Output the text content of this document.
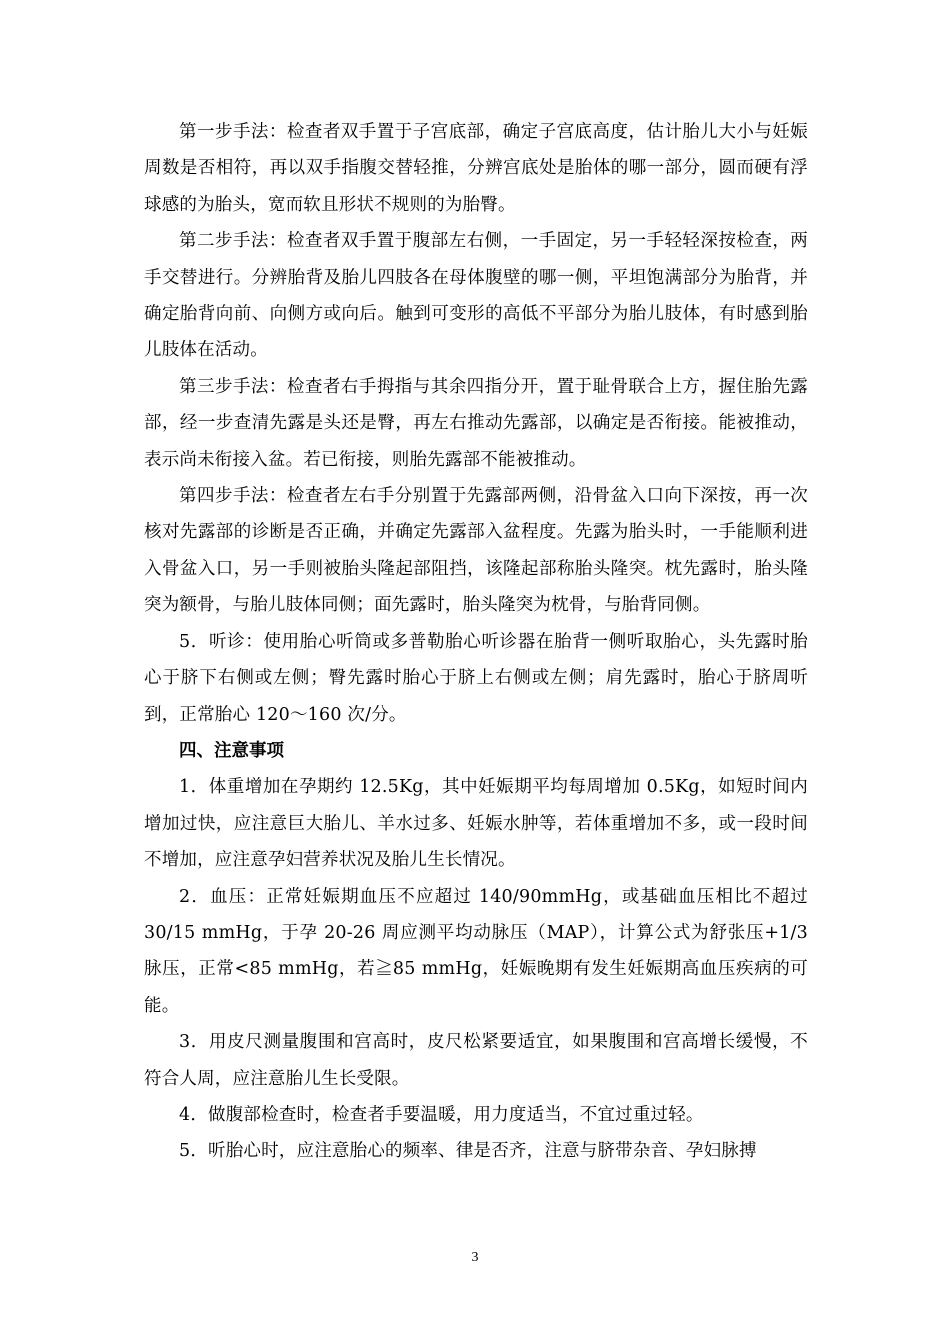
第一步手法：检查者双手置于子宫底部，确定子宫底高度，估计胎儿大小与妊娠周数是否相符，再以双手指腹交替轻推，分辨宫底处是胎体的哪一部分，圆而硬有浮球感的为胎头，宽而软且形状不规则的为胎臀。

第二步手法：检查者双手置于腹部左右侧，一手固定，另一手轻轻深按检查，两手交替进行。分辨胎背及胎儿四肢各在母体腹壁的哪一侧，平坦饱满部分为胎背，并确定胎背向前、向侧方或向后。触到可变形的高低不平部分为胎儿肢体，有时感到胎儿肢体在活动。

第三步手法：检查者右手拇指与其余四指分开，置于耻骨联合上方，握住胎先露部，经一步查清先露是头还是臀，再左右推动先露部，以确定是否衔接。能被推动，表示尚未衔接入盆。若已衔接，则胎先露部不能被推动。

第四步手法：检查者左右手分别置于先露部两侧，沿骨盆入口向下深按，再一次核对先露部的诊断是否正确，并确定先露部入盆程度。先露为胎头时，一手能顺利进入骨盆入口，另一手则被胎头隆起部阻挡，该隆起部称胎头隆突。枕先露时，胎头隆突为额骨，与胎儿肢体同侧；面先露时，胎头隆突为枕骨，与胎背同侧。

5．听诊：使用胎心听筒或多普勒胎心听诊器在胎背一侧听取胎心，头先露时胎心于脐下右侧或左侧；臀先露时胎心于脐上右侧或左侧；肩先露时，胎心于脐周听到，正常胎心 120～160 次/分。

四、注意事项

1．体重增加在孕期约 12.5Kg，其中妊娠期平均每周增加 0.5Kg，如短时间内增加过快，应注意巨大胎儿、羊水过多、妊娠水肿等，若体重增加不多，或一段时间不增加，应注意孕妇营养状况及胎儿生长情况。

2．血压：正常妊娠期血压不应超过 140/90mmHg，或基础血压相比不超过 30/15 mmHg，于孕 20-26 周应测平均动脉压（MAP），计算公式为舒张压+1/3 脉压，正常<85 mmHg，若≧85 mmHg，妊娠晚期有发生妊娠期高血压疾病的可能。

3．用皮尺测量腹围和宫高时，皮尺松紧要适宜，如果腹围和宫高增长缓慢，不符合人周，应注意胎儿生长受限。

4．做腹部检查时，检查者手要温暖，用力度适当，不宜过重过轻。

5．听胎心时，应注意胎心的频率、律是否齐，注意与脐带杂音、孕妇脉搏

3
